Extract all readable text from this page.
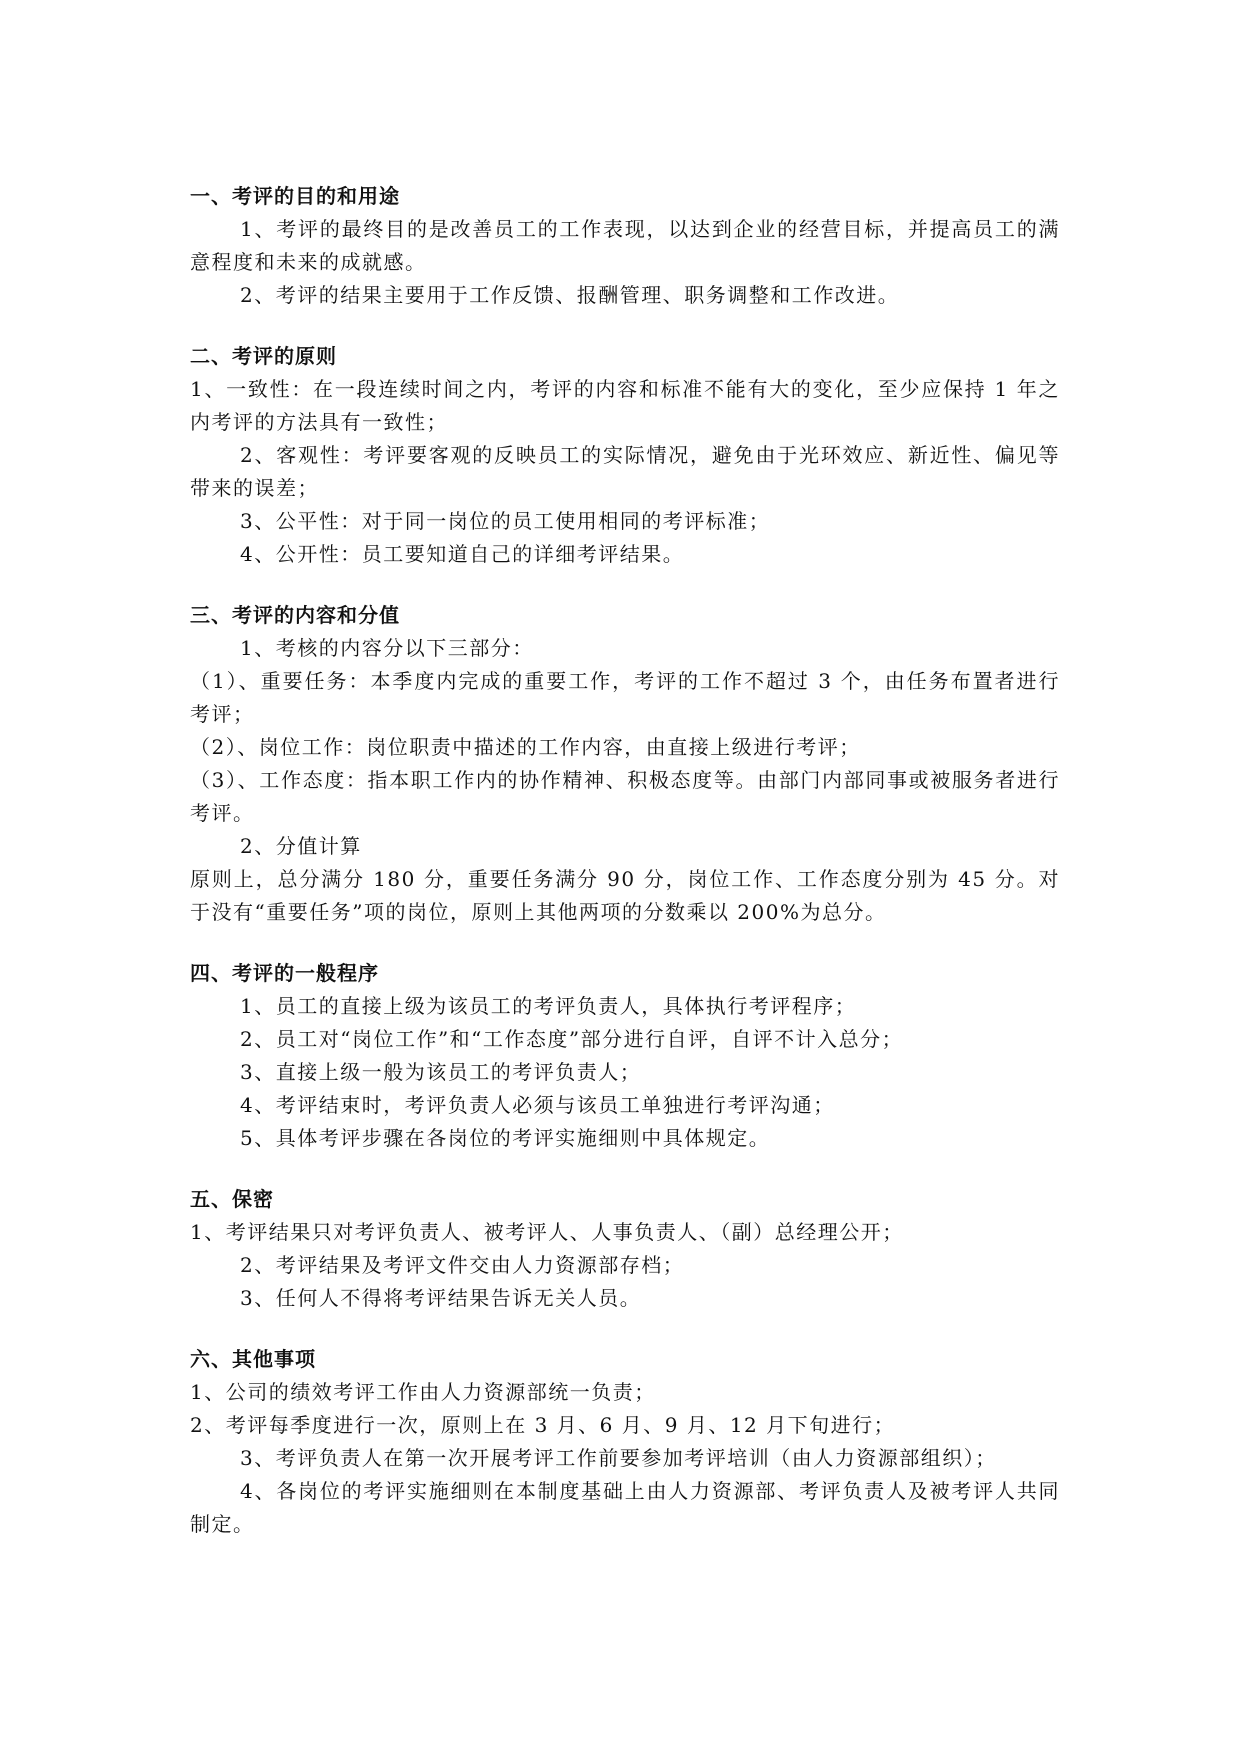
一、考评的目的和用途

1、考评的最终目的是改善员工的工作表现，以达到企业的经营目标，并提高员工的满意程度和未来的成就感。

2、考评的结果主要用于工作反馈、报酬管理、职务调整和工作改进。

二、考评的原则

1、一致性：在一段连续时间之内，考评的内容和标准不能有大的变化，至少应保持 1 年之内考评的方法具有一致性；

2、客观性：考评要客观的反映员工的实际情况，避免由于光环效应、新近性、偏见等带来的误差；

3、公平性：对于同一岗位的员工使用相同的考评标准；

4、公开性：员工要知道自己的详细考评结果。

三、考评的内容和分值

1、考核的内容分以下三部分：

（1）、重要任务：本季度内完成的重要工作，考评的工作不超过 3 个，由任务布置者进行考评；

（2）、岗位工作：岗位职责中描述的工作内容，由直接上级进行考评；

（3）、工作态度：指本职工作内的协作精神、积极态度等。由部门内部同事或被服务者进行考评。

2、分值计算

原则上，总分满分 180 分，重要任务满分 90 分，岗位工作、工作态度分别为 45 分。对于没有“重要任务”项的岗位，原则上其他两项的分数乘以 200%为总分。

四、考评的一般程序

1、员工的直接上级为该员工的考评负责人，具体执行考评程序；

2、员工对“岗位工作”和“工作态度”部分进行自评，自评不计入总分；

3、直接上级一般为该员工的考评负责人；

4、考评结束时，考评负责人必须与该员工单独进行考评沟通；

5、具体考评步骤在各岗位的考评实施细则中具体规定。

五、保密

1、考评结果只对考评负责人、被考评人、人事负责人、（副）总经理公开；

2、考评结果及考评文件交由人力资源部存档；

3、任何人不得将考评结果告诉无关人员。

六、其他事项

1、公司的绩效考评工作由人力资源部统一负责；

2、考评每季度进行一次，原则上在 3 月、6 月、9 月、12 月下旬进行；

3、考评负责人在第一次开展考评工作前要参加考评培训（由人力资源部组织）；

4、各岗位的考评实施细则在本制度基础上由人力资源部、考评负责人及被考评人共同制定。
